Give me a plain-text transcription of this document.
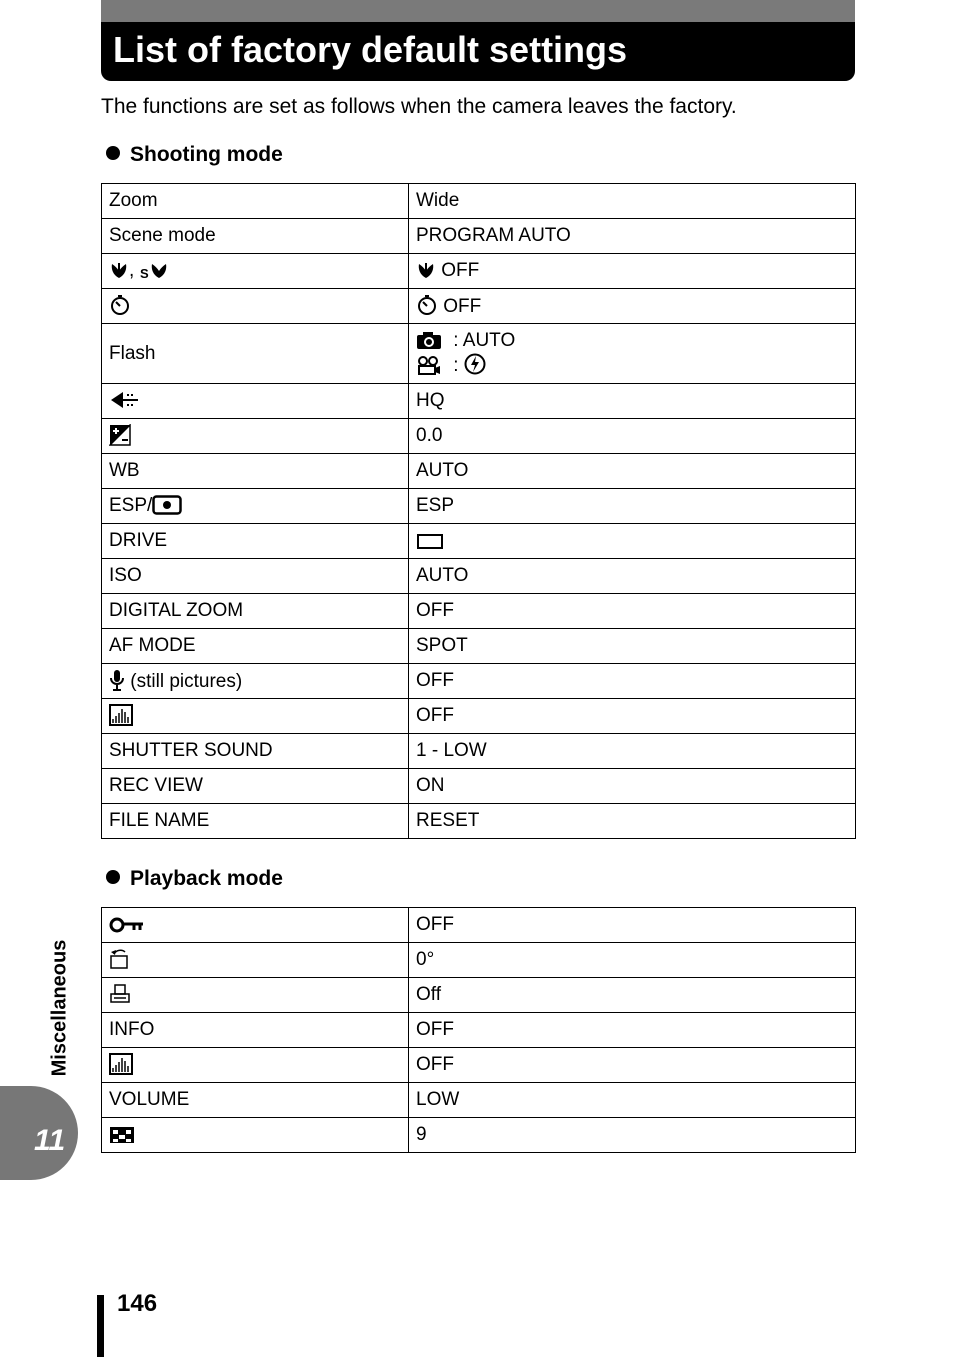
List of factory default settings
The functions are set as follows when the camera leaves the factory.
Shooting mode
Zoom	Wide
Scene mode	PROGRAM AUTO
, S	OFF
	OFF
Flash	: AUTO
:

	HQ
	0.0
WB	AUTO
ESP/	ESP
DRIVE	
ISO	AUTO
DIGITAL ZOOM	OFF
AF MODE	SPOT
(still pictures)	OFF
	OFF
SHUTTER SOUND	1 - LOW
REC VIEW	ON
FILE NAME	RESET
Playback mode
	OFF
	0°
	Off
INFO	OFF
	OFF
VOLUME	LOW
	9
Miscellaneous
11
146
